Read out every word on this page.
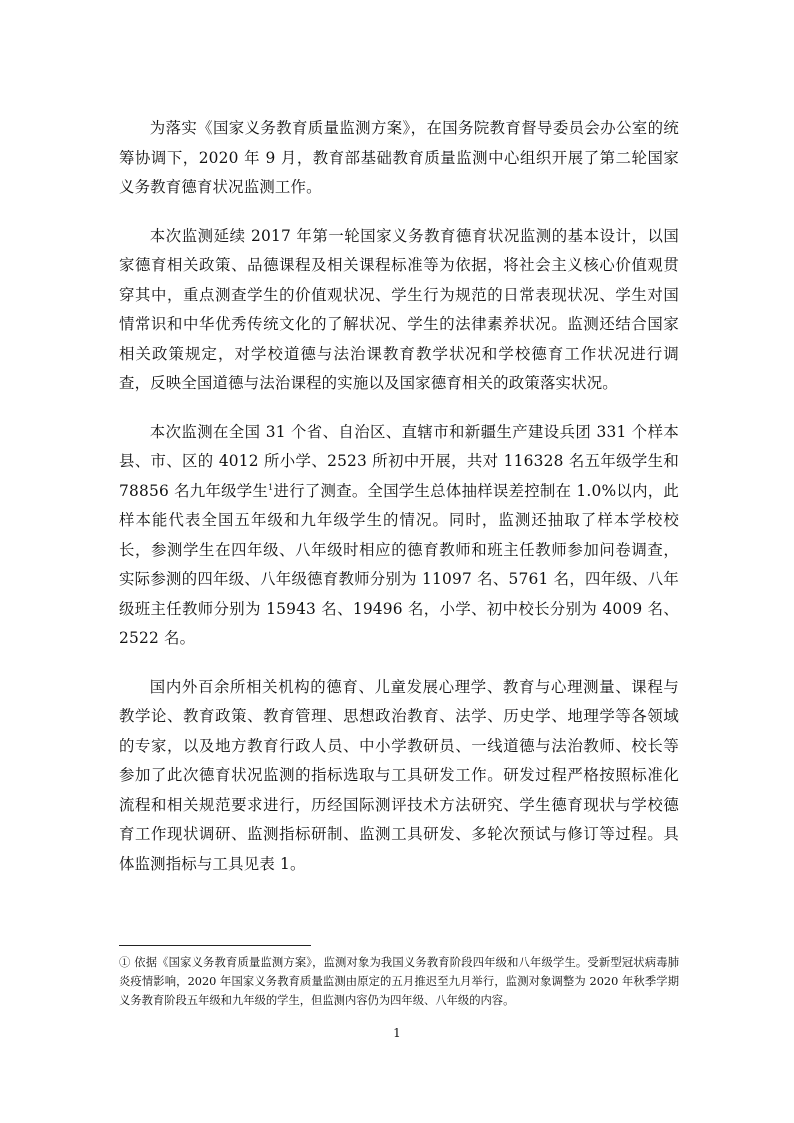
为落实《国家义务教育质量监测方案》，在国务院教育督导委员会办公室的统筹协调下，2020 年 9 月，教育部基础教育质量监测中心组织开展了第二轮国家义务教育德育状况监测工作。

本次监测延续 2017 年第一轮国家义务教育德育状况监测的基本设计，以国家德育相关政策、品德课程及相关课程标准等为依据，将社会主义核心价值观贯穿其中，重点测查学生的价值观状况、学生行为规范的日常表现状况、学生对国情常识和中华优秀传统文化的了解状况、学生的法律素养状况。监测还结合国家相关政策规定，对学校道德与法治课教育教学状况和学校德育工作状况进行调查，反映全国道德与法治课程的实施以及国家德育相关的政策落实状况。

本次监测在全国 31 个省、自治区、直辖市和新疆生产建设兵团 331 个样本县、市、区的 4012 所小学、2523 所初中开展，共对 116328 名五年级学生和 78856 名九年级学生$^1$进行了测查。全国学生总体抽样误差控制在 1.0%以内，此样本能代表全国五年级和九年级学生的情况。同时，监测还抽取了样本学校校长，参测学生在四年级、八年级时相应的德育教师和班主任教师参加问卷调查，实际参测的四年级、八年级德育教师分别为 11097 名、5761 名，四年级、八年级班主任教师分别为 15943 名、19496 名，小学、初中校长分别为 4009 名、2522 名。

国内外百余所相关机构的德育、儿童发展心理学、教育与心理测量、课程与教学论、教育政策、教育管理、思想政治教育、法学、历史学、地理学等各领域的专家，以及地方教育行政人员、中小学教研员、一线道德与法治教师、校长等参加了此次德育状况监测的指标选取与工具研发工作。研发过程严格按照标准化流程和相关规范要求进行，历经国际测评技术方法研究、学生德育现状与学校德育工作现状调研、监测指标研制、监测工具研发、多轮次预试与修订等过程。具体监测指标与工具见表 1。

① 依据《国家义务教育质量监测方案》，监测对象为我国义务教育阶段四年级和八年级学生。受新型冠状病毒肺炎疫情影响，2020 年国家义务教育质量监测由原定的五月推迟至九月举行，监测对象调整为 2020 年秋季学期义务教育阶段五年级和九年级的学生，但监测内容仍为四年级、八年级的内容。
1
